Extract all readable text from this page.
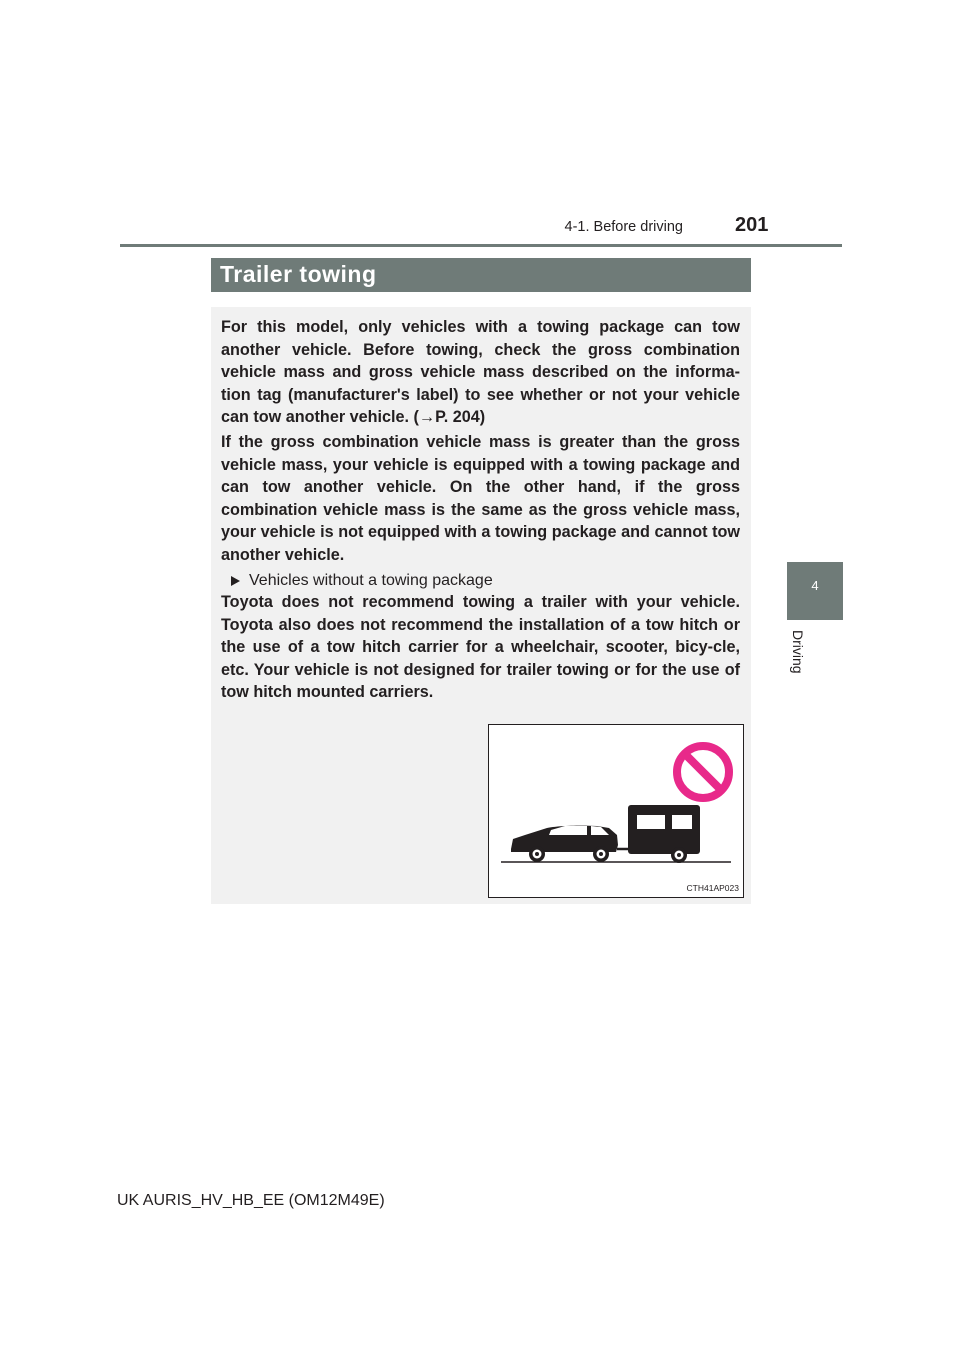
4-1. Before driving	201
4
Driving
Trailer towing

For this model, only vehicles with a towing package can tow another vehicle. Before towing, check the gross combination vehicle mass and gross vehicle mass described on the informa-tion tag (manufacturer's label) to see whether or not your vehicle can tow another vehicle. (→P. 204)

If the gross combination vehicle mass is greater than the gross vehicle mass, your vehicle is equipped with a towing package and can tow another vehicle. On the other hand, if the gross combination vehicle mass is the same as the gross vehicle mass, your vehicle is not equipped with a towing package and cannot tow another vehicle.

Vehicles without a towing package

Toyota does not recommend towing a trailer with your vehicle. Toyota also does not recommend the installation of a tow hitch or the use of a tow hitch carrier for a wheelchair, scooter, bicy-cle, etc. Your vehicle is not designed for trailer towing or for the use of tow hitch mounted carriers.

CTH41AP023
UK AURIS_HV_HB_EE (OM12M49E)
